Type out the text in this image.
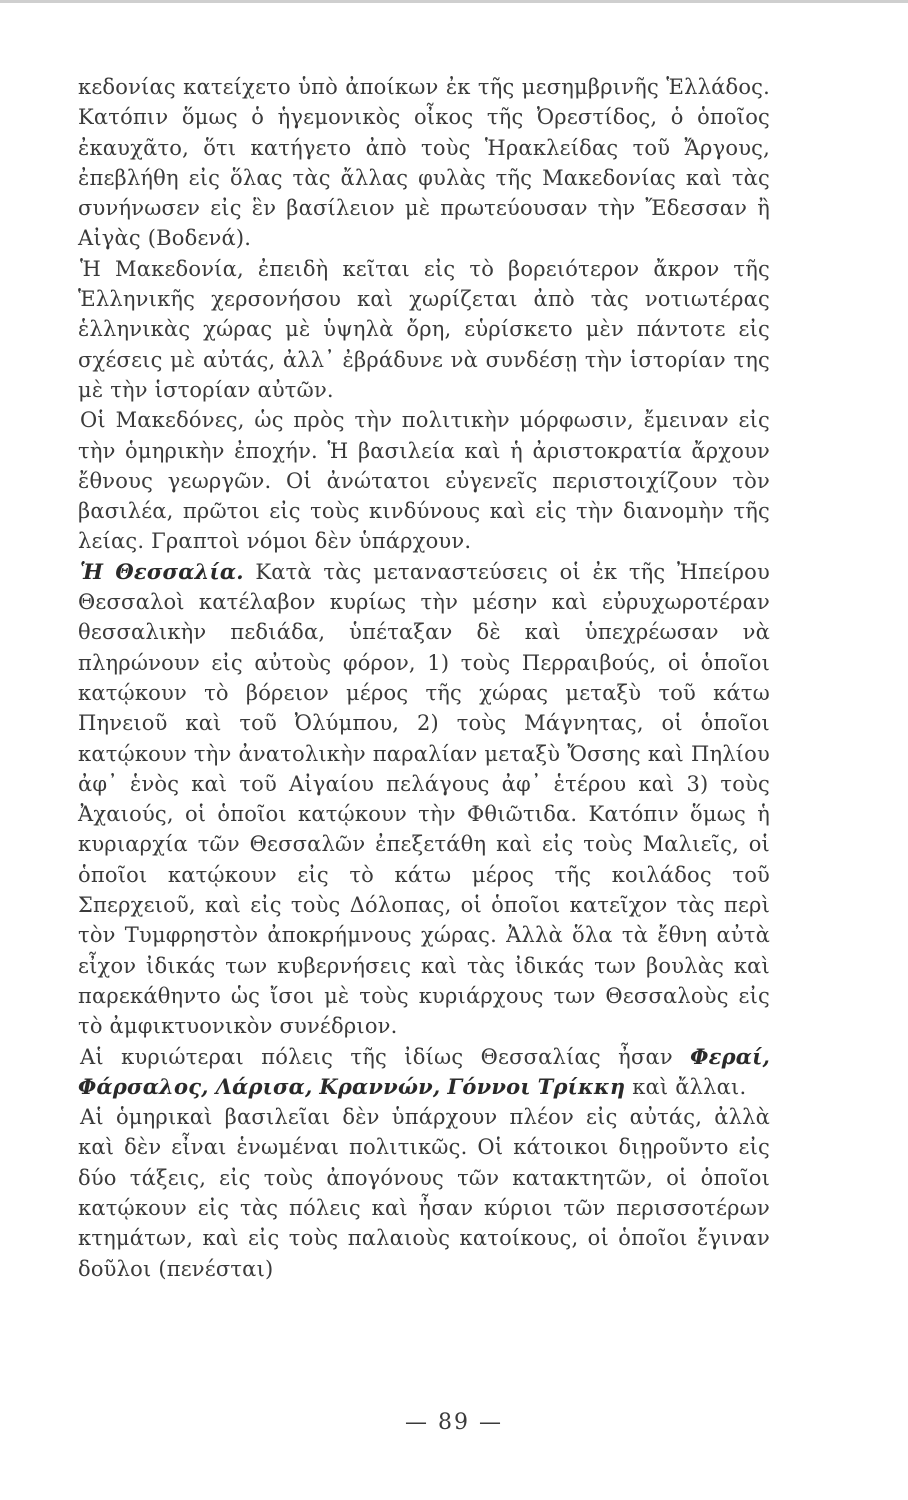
κεδονίας κατείχετο ὑπὸ ἀποίκων ἐκ τῆς μεσημβρινῆς Ἑλλάδος. Κατόπιν ὅμως ὁ ἡγεμονικὸς οἶκος τῆς Ὀρεστίδος, ὁ ὁποῖος ἐκαυχᾶτο, ὅτι κατήγετο ἀπὸ τοὺς Ἡρακλείδας τοῦ Ἄργους, ἐπεβλήθη εἰς ὅλας τὰς ἄλλας φυλὰς τῆς Μακεδονίας καὶ τὰς συνήνωσεν εἰς ἓν βασίλειον μὲ πρωτεύουσαν τὴν Ἔδεσσαν ἢ Αἰγὰς (Βοδενά).

Ἡ Μακεδονία, ἐπειδὴ κεῖται εἰς τὸ βορειότερον ἄκρον τῆς Ἑλληνικῆς χερσονήσου καὶ χωρίζεται ἀπὸ τὰς νοτιωτέρας ἑλληνικὰς χώρας μὲ ὑψηλὰ ὄρη, εὑρίσκετο μὲν πάντοτε εἰς σχέσεις μὲ αὐτάς, ἀλλ᾽ ἐβράδυνε νὰ συνδέσῃ τὴν ἱστορίαν της μὲ τὴν ἱστορίαν αὐτῶν.

Οἱ Μακεδόνες, ὡς πρὸς τὴν πολιτικὴν μόρφωσιν, ἔμειναν εἰς τὴν ὁμηρικὴν ἐποχήν. Ἡ βασιλεία καὶ ἡ ἀριστοκρατία ἄρχουν ἔθνους γεωργῶν. Οἱ ἀνώτατοι εὐγενεῖς περιστοιχίζουν τὸν βασιλέα, πρῶτοι εἰς τοὺς κινδύνους καὶ εἰς τὴν διανομὴν τῆς λείας. Γραπτοὶ νόμοι δὲν ὑπάρχουν.

Ἡ Θεσσαλία. Κατὰ τὰς μεταναστεύσεις οἱ ἐκ τῆς Ἠπείρου Θεσσαλοὶ κατέλαβον κυρίως τὴν μέσην καὶ εὐρυχωροτέραν θεσσαλικὴν πεδιάδα, ὑπέταξαν δὲ καὶ ὑπεχρέωσαν νὰ πληρώνουν εἰς αὐτοὺς φόρον, 1) τοὺς Περραιβούς, οἱ ὁποῖοι κατῴκουν τὸ βόρειον μέρος τῆς χώρας μεταξὺ τοῦ κάτω Πηνειοῦ καὶ τοῦ Ὀλύμπου, 2) τοὺς Μάγνητας, οἱ ὁποῖοι κατῴκουν τὴν ἀνατολικὴν παραλίαν μεταξὺ Ὄσσης καὶ Πηλίου ἀφ᾽ ἑνὸς καὶ τοῦ Αἰγαίου πελάγους ἀφ᾽ ἑτέρου καὶ 3) τοὺς Ἀχαιούς, οἱ ὁποῖοι κατῴκουν τὴν Φθιῶτιδα. Κατόπιν ὅμως ἡ κυριαρχία τῶν Θεσσαλῶν ἐπεξετάθη καὶ εἰς τοὺς Μαλιεῖς, οἱ ὁποῖοι κατῴκουν εἰς τὸ κάτω μέρος τῆς κοιλάδος τοῦ Σπερχειοῦ, καὶ εἰς τοὺς Δόλοπας, οἱ ὁποῖοι κατεῖχον τὰς περὶ τὸν Τυμφρηστὸν ἀποκρήμνους χώρας. Ἀλλὰ ὅλα τὰ ἔθνη αὐτὰ εἶχον ἰδικάς των κυβερνήσεις καὶ τὰς ἰδικάς των βουλὰς καὶ παρεκάθηντο ὡς ἴσοι μὲ τοὺς κυριάρχους των Θεσσαλοὺς εἰς τὸ ἀμφικτυονικὸν συνέδριον.

Αἱ κυριώτεραι πόλεις τῆς ἰδίως Θεσσαλίας ἦσαν Φεραί, Φάρσαλος, Λάρισα, Κραννών, Γόννοι Τρίκκη καὶ ἄλλαι.

Αἱ ὁμηρικαὶ βασιλεῖαι δὲν ὑπάρχουν πλέον εἰς αὐτάς, ἀλλὰ καὶ δὲν εἶναι ἑνωμέναι πολιτικῶς. Οἱ κάτοικοι διῃροῦντο εἰς δύο τάξεις, εἰς τοὺς ἀπογόνους τῶν κατακτητῶν, οἱ ὁποῖοι κατῴκουν εἰς τὰς πόλεις καὶ ἦσαν κύριοι τῶν περισσοτέρων κτημάτων, καὶ εἰς τοὺς παλαιοὺς κατοίκους, οἱ ὁποῖοι ἔγιναν δοῦλοι (πενέσται)

— 89 —
